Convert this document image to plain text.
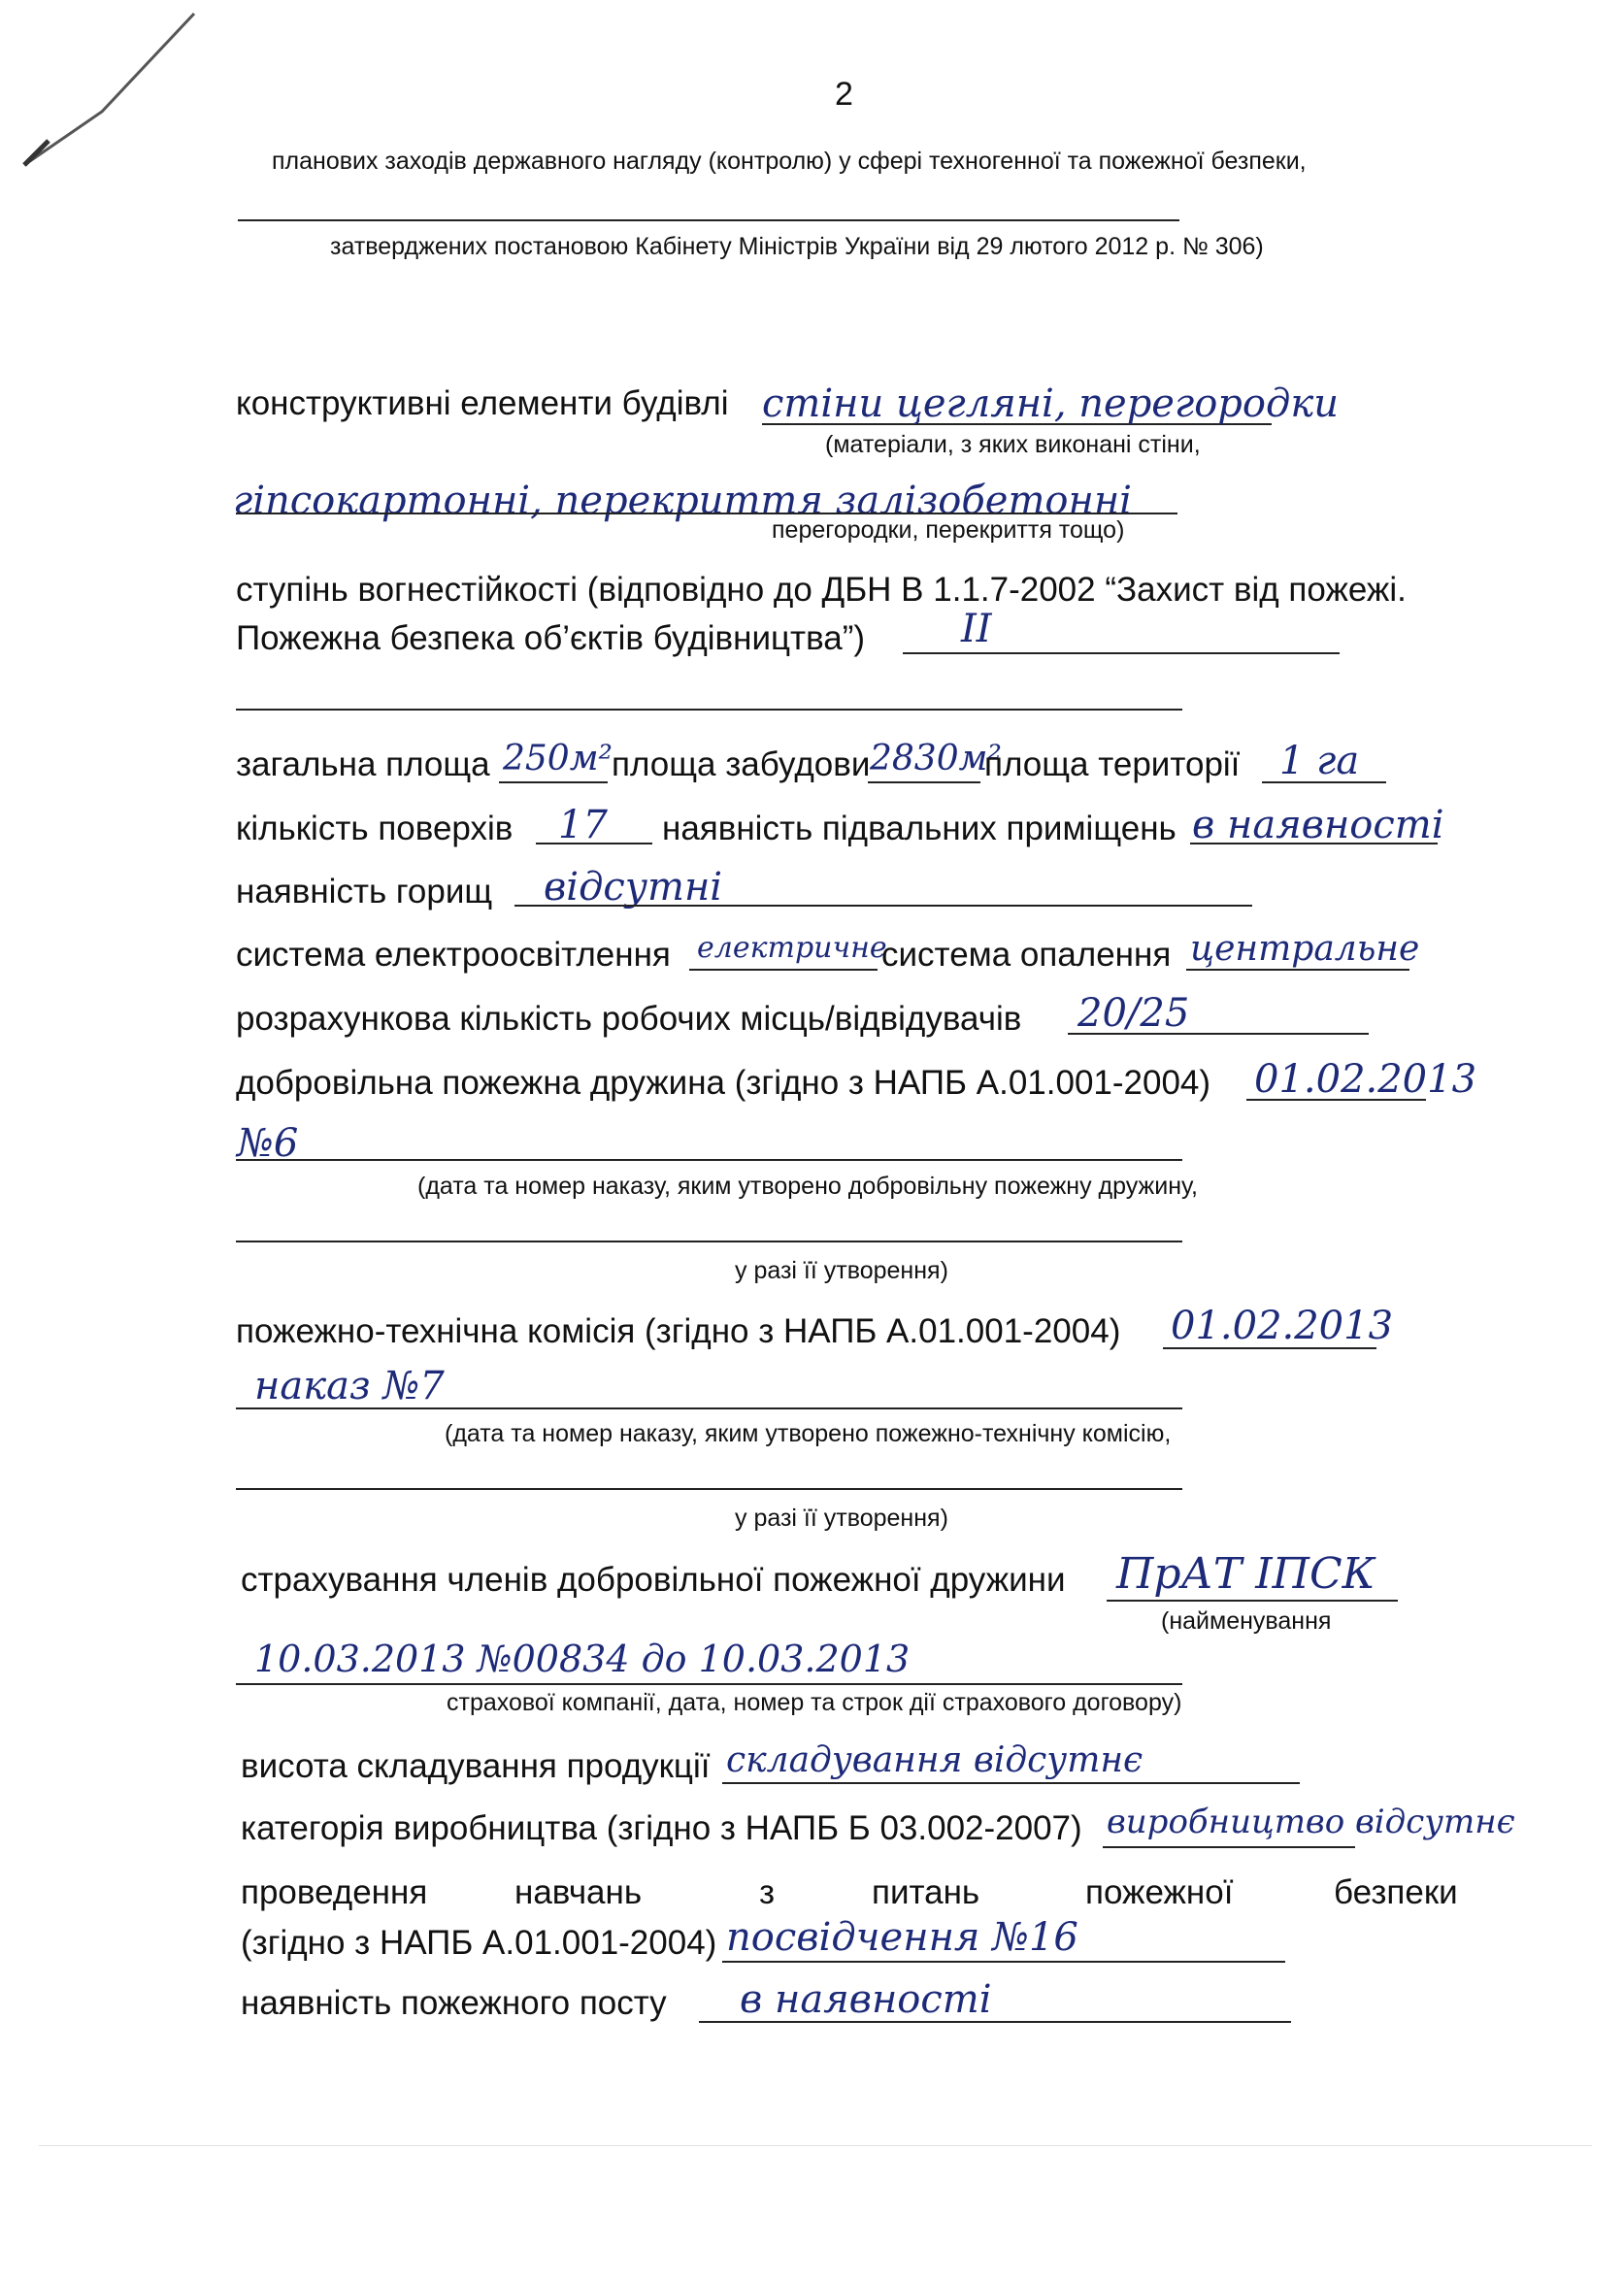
2
планових заходів державного нагляду (контролю) у сфері техногенної та пожежної безпеки,
затверджених постановою Кабінету Міністрів України від 29 лютого 2012 р. № 306)
конструктивні елементи будівлі стіни цегляні, перегородки
(матеріали, з яких виконані стіни,
гіпсокартонні, перекриття залізобетонні
перегородки, перекриття тощо)
ступінь вогнестійкості (відповідно до ДБН В 1.1.7-2002 “Захист від пожежі.
Пожежна безпека об’єктів будівництва”) ІІ
загальна площа 250м² площа забудови 2830м²
площа території 1 га
кількість поверхів 17 наявність підвальних приміщень в наявності
наявність горищ відсутні
система електроосвітлення електричне
система опалення центральне
розрахункова кількість робочих місць/відвідувачів 20/25
добровільна пожежна дружина (згідно з НАПБ А.01.001-2004) 01.02.2013
№6
(дата та номер наказу, яким утворено добровільну пожежну дружину,
у разі її утворення)
пожежно-технічна комісія (згідно з НАПБ А.01.001-2004) 01.02.2013
наказ №7
(дата та номер наказу, яким утворено пожежно-технічну комісію,
у разі її утворення)
страхування членів добровільної пожежної дружини ПрАТ ІПСК
(найменування
10.03.2013 №00834 до 10.03.2013
страхової компанії, дата, номер та строк дії страхового договору)
висота складування продукції складування відсутнє
категорія виробництва (згідно з НАПБ Б 03.002-2007) виробництво відсутнє
проведення	навчань	з	питань	пожежної	безпеки
(згідно з НАПБ А.01.001-2004) посвідчення №16
наявність пожежного посту в наявності
